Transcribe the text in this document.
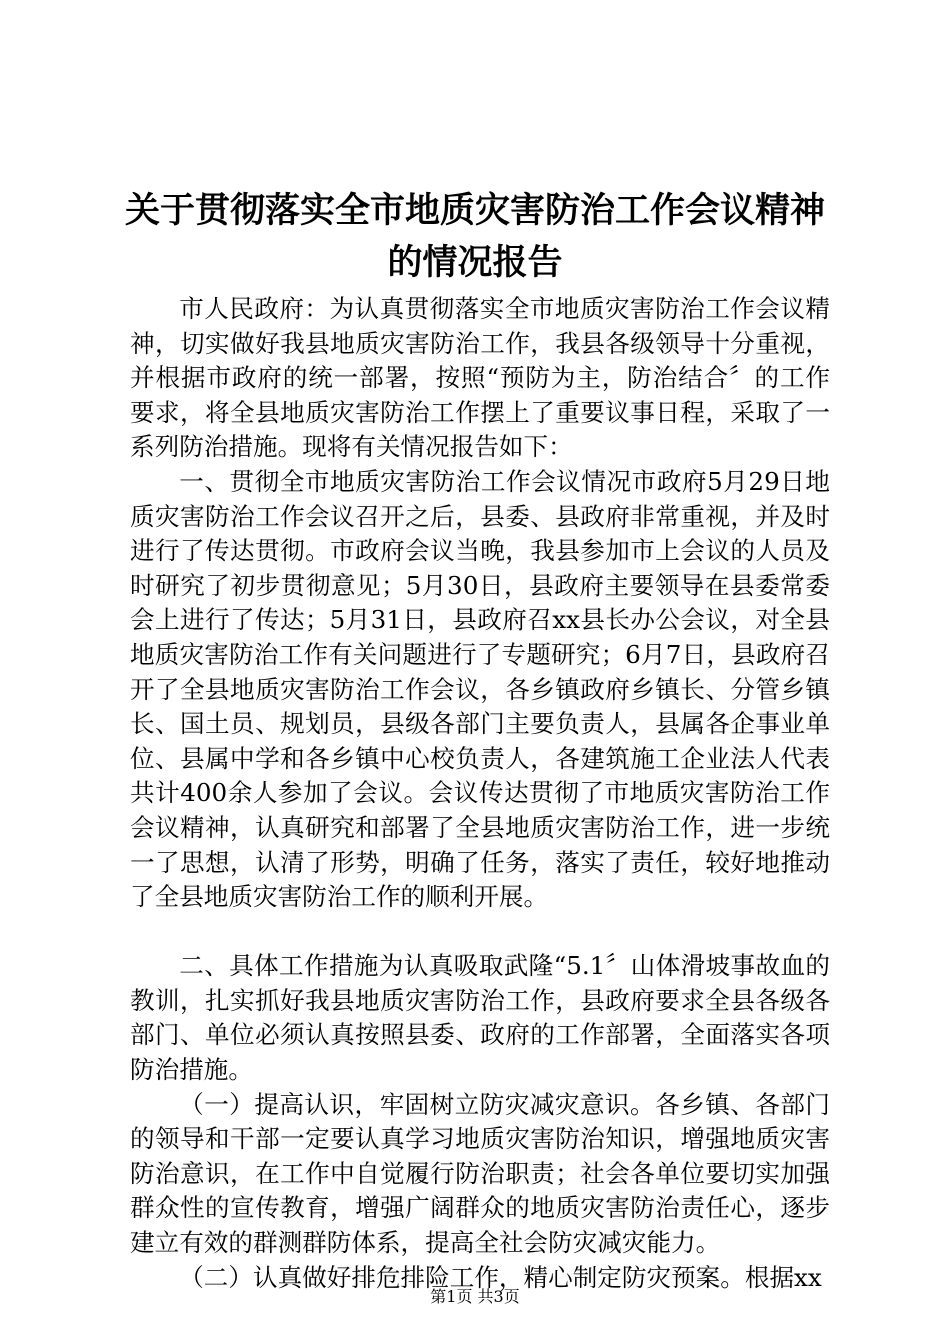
关于贯彻落实全市地质灾害防治工作会议精神
的情况报告

市人民政府：为认真贯彻落实全市地质灾害防治工作会议精神，切实做好我县地质灾害防治工作，我县各级领导十分重视，并根据市政府的统一部署，按照“预防为主，防治结合〞的工作要求，将全县地质灾害防治工作摆上了重要议事日程，采取了一系列防治措施。现将有关情况报告如下：

一、贯彻全市地质灾害防治工作会议情况市政府5月29日地质灾害防治工作会议召开之后，县委、县政府非常重视，并及时进行了传达贯彻。市政府会议当晚，我县参加市上会议的人员及时研究了初步贯彻意见；5月30日，县政府主要领导在县委常委会上进行了传达；5月31日，县政府召xx县长办公会议，对全县地质灾害防治工作有关问题进行了专题研究；6月7日，县政府召开了全县地质灾害防治工作会议，各乡镇政府乡镇长、分管乡镇长、国土员、规划员，县级各部门主要负责人，县属各企事业单位、县属中学和各乡镇中心校负责人，各建筑施工企业法人代表共计400余人参加了会议。会议传达贯彻了市地质灾害防治工作会议精神，认真研究和部署了全县地质灾害防治工作，进一步统一了思想，认清了形势，明确了任务，落实了责任，较好地推动了全县地质灾害防治工作的顺利开展。

二、具体工作措施为认真吸取武隆“5.1〞山体滑坡事故血的教训，扎实抓好我县地质灾害防治工作，县政府要求全县各级各部门、单位必须认真按照县委、政府的工作部署，全面落实各项防治措施。

（一）提高认识，牢固树立防灾减灾意识。各乡镇、各部门的领导和干部一定要认真学习地质灾害防治知识，增强地质灾害防治意识，在工作中自觉履行防治职责；社会各单位要切实加强群众性的宣传教育，增强广阔群众的地质灾害防治责任心，逐步建立有效的群测群防体系，提高全社会防灾减灾能力。

（二）认真做好排危排险工作，精心制定防灾预案。根据xx

第1页 共3页
